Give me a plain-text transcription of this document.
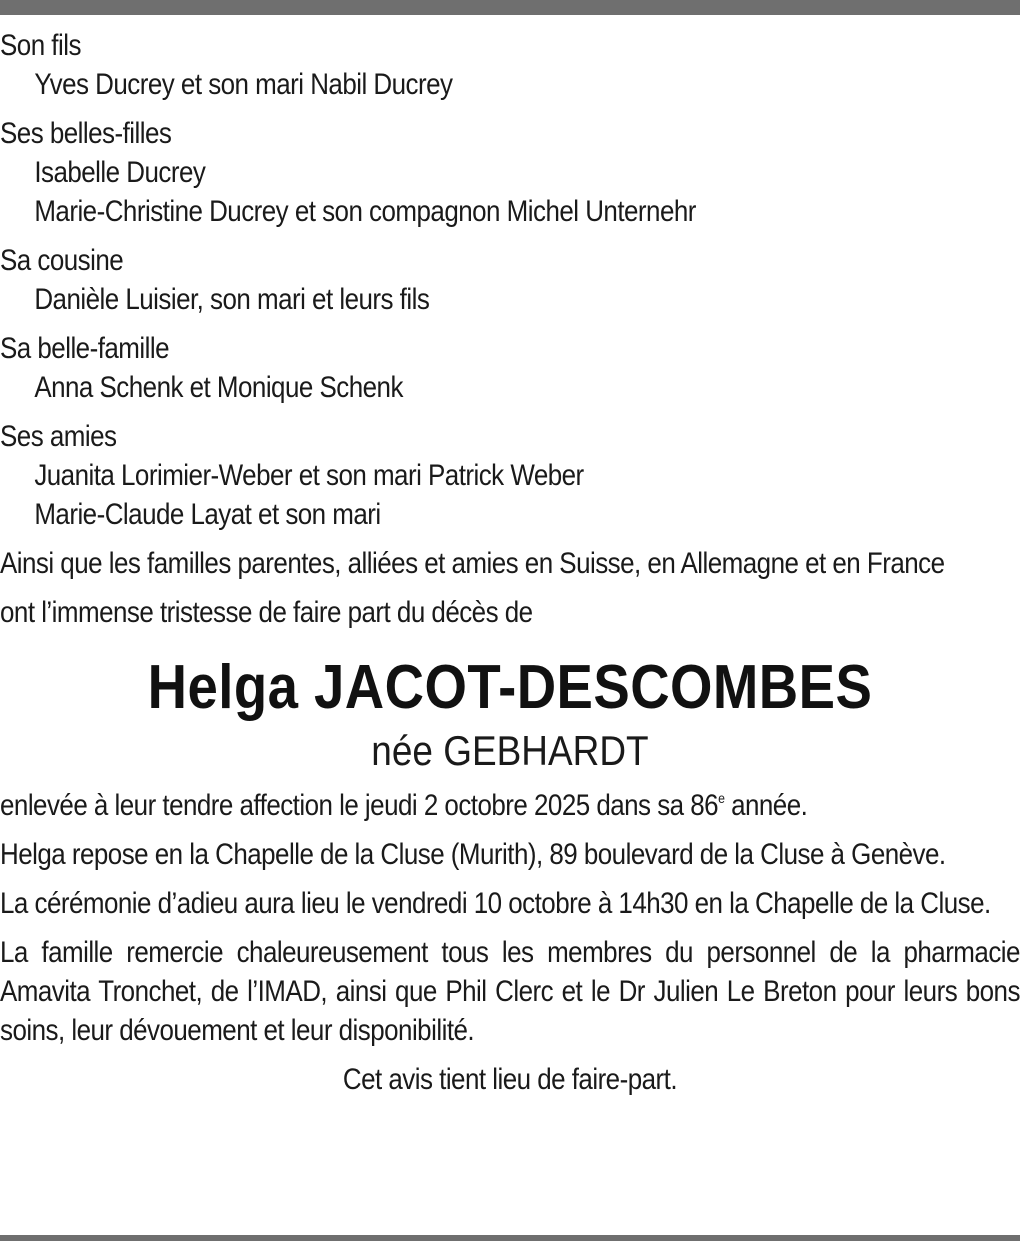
Son fils
Yves Ducrey et son mari Nabil Ducrey
Ses belles-filles
Isabelle Ducrey
Marie-Christine Ducrey et son compagnon Michel Unternehr
Sa cousine
Danièle Luisier, son mari et leurs fils
Sa belle-famille
Anna Schenk et Monique Schenk
Ses amies
Juanita Lorimier-Weber et son mari Patrick Weber
Marie-Claude Layat et son mari
Ainsi que les familles parentes, alliées et amies en Suisse, en Allemagne et en France
ont l’immense tristesse de faire part du décès de
Helga JACOT-DESCOMBES
née GEBHARDT
enlevée à leur tendre affection le jeudi 2 octobre 2025 dans sa 86e année.
Helga repose en la Chapelle de la Cluse (Murith), 89 boulevard de la Cluse à Genève.
La cérémonie d’adieu aura lieu le vendredi 10 octobre à 14h30 en la Chapelle de la Cluse.
La famille remercie chaleureusement tous les membres du personnel de la pharmacie Amavita Tronchet, de l’IMAD, ainsi que Phil Clerc et le Dr Julien Le Breton pour leurs bons soins, leur dévouement et leur disponibilité.
Cet avis tient lieu de faire-part.
